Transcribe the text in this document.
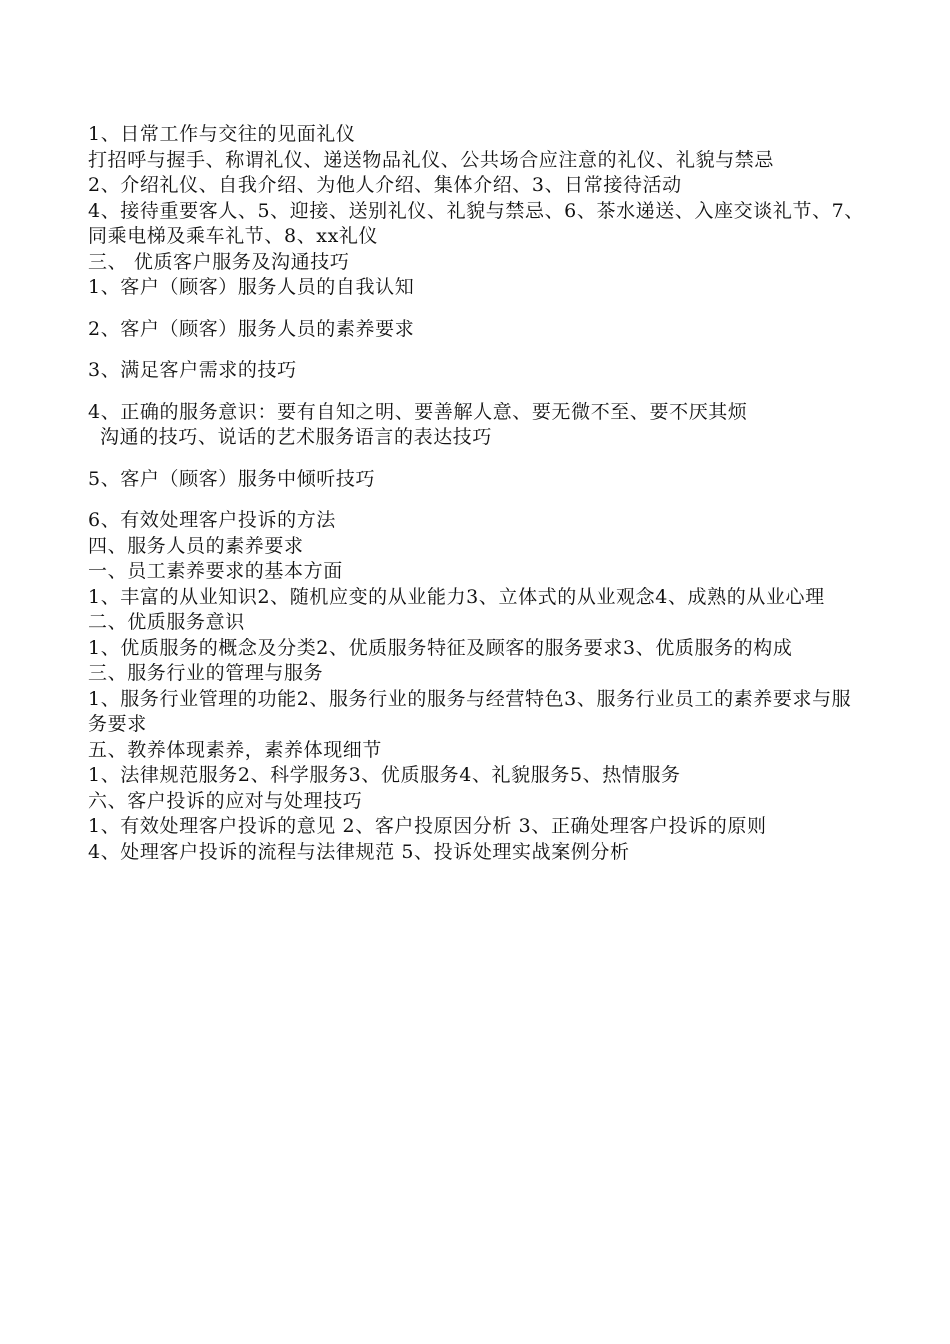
1、日常工作与交往的见面礼仪
打招呼与握手、称谓礼仪、递送物品礼仪、公共场合应注意的礼仪、礼貌与禁忌
2、介绍礼仪、自我介绍、为他人介绍、集体介绍、3、日常接待活动
4、接待重要客人、5、迎接、送别礼仪、礼貌与禁忌、6、茶水递送、入座交谈礼节、7、同乘电梯及乘车礼节、8、xx礼仪
三、 优质客户服务及沟通技巧
1、客户（顾客）服务人员的自我认知
2、客户（顾客）服务人员的素养要求
3、满足客户需求的技巧
4、正确的服务意识：要有自知之明、要善解人意、要无微不至、要不厌其烦
沟通的技巧、说话的艺术服务语言的表达技巧
5、客户（顾客）服务中倾听技巧
6、有效处理客户投诉的方法
四、服务人员的素养要求
一、员工素养要求的基本方面
1、丰富的从业知识2、随机应变的从业能力3、立体式的从业观念4、成熟的从业心理
二、优质服务意识
1、优质服务的概念及分类2、优质服务特征及顾客的服务要求3、优质服务的构成
三、服务行业的管理与服务
1、服务行业管理的功能2、服务行业的服务与经营特色3、服务行业员工的素养要求与服务要求
五、教养体现素养，素养体现细节
1、法律规范服务2、科学服务3、优质服务4、礼貌服务5、热情服务
六、客户投诉的应对与处理技巧
1、有效处理客户投诉的意见 2、客户投原因分析 3、正确处理客户投诉的原则
4、处理客户投诉的流程与法律规范 5、投诉处理实战案例分析
